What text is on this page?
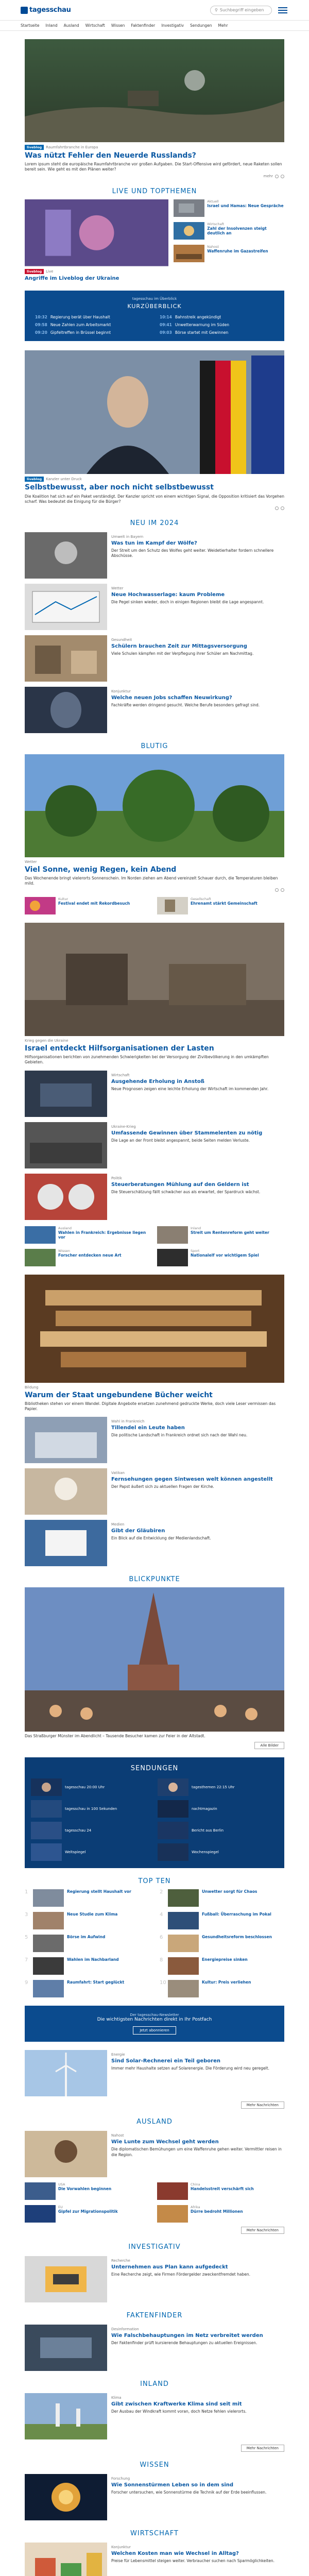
tagesschau	⚲ Suchbegriff eingeben
Startseite Inland Ausland Wirtschaft Wissen Faktenfinder Investigativ Sendungen Mehr
liveblog Raumfahrtbranche in Europa
Was nützt Fehler den Neuerde Russlands?
Lorem ipsum steht die europäische Raumfahrtbranche vor großen Aufgaben. Die Start-Offensive wird gefördert, neue Raketen sollen bereit sein. Wie geht es mit den Plänen weiter?
mehr
LIVE UND TOPTHEMEN
liveblog Live
Angriffe im Liveblog der Ukraine
Aktuell
Israel und Hamas: Neue Gespräche
Wirtschaft
Zahl der Insolvenzen steigt deutlich an
Nahost
Waffenruhe im Gazastreifen
tagesschau im Überblick
KURZÜBERBLICK
10:32 Regierung berät über Haushalt	10:14 Bahnstreik angekündigt
09:58 Neue Zahlen zum Arbeitsmarkt	09:41 Unwetterwarnung im Süden
09:20 Gipfeltreffen in Brüssel beginnt	09:03 Börse startet mit Gewinnen
liveblog Kanzler unter Druck
Selbstbewusst, aber noch nicht selbstbewusst
Die Koalition hat sich auf ein Paket verständigt. Der Kanzler spricht von einem wichtigen Signal, die Opposition kritisiert das Vorgehen scharf. Was bedeutet die Einigung für die Bürger?
NEU IM 2024
Umwelt in Bayern
Was tun im Kampf der Wölfe?
Der Streit um den Schutz des Wolfes geht weiter. Weidetierhalter fordern schnellere Abschüsse.
Wetter
Neue Hochwasserlage: kaum Probleme
Die Pegel sinken wieder, doch in einigen Regionen bleibt die Lage angespannt.
Gesundheit
Schülern brauchen Zeit zur Mittagsversorgung
Viele Schulen kämpfen mit der Verpflegung ihrer Schüler am Nachmittag.
Konjunktur
Welche neuen Jobs schaffen Neuwirkung?
Fachkräfte werden dringend gesucht. Welche Berufe besonders gefragt sind.
BLUTIG
Wetter
Viel Sonne, wenig Regen, kein Abend
Das Wochenende bringt vielerorts Sonnenschein. Im Norden ziehen am Abend vereinzelt Schauer durch, die Temperaturen bleiben mild.
Kultur
Festival endet mit Rekordbesuch
Gesellschaft
Ehrenamt stärkt Gemeinschaft
Krieg gegen die Ukraine
Israel entdeckt Hilfsorganisationen der Lasten
Hilfsorganisationen berichten von zunehmenden Schwierigkeiten bei der Versorgung der Zivilbevölkerung in den umkämpften Gebieten.
Wirtschaft
Ausgehende Erholung in Anstoß
Neue Prognosen zeigen eine leichte Erholung der Wirtschaft im kommenden Jahr.
Ukraine-Krieg
Umfassende Gewinnen über Stammelenten zu nötig
Die Lage an der Front bleibt angespannt, beide Seiten melden Verluste.
Politik
Steuerberatungen Mühlung auf den Geldern ist
Die Steuerschätzung fällt schwächer aus als erwartet, der Spardruck wächst.
Ausland
Wahlen in Frankreich: Ergebnisse liegen vor
Inland
Streit um Rentenreform geht weiter
Wissen
Forscher entdecken neue Art
Sport
Nationalelf vor wichtigem Spiel
Bildung
Warum der Staat ungebundene Bücher weicht
Bibliotheken stehen vor einem Wandel. Digitale Angebote ersetzen zunehmend gedruckte Werke, doch viele Leser vermissen das Papier.
Wahl in Frankreich
Tillendel ein Leute haben
Die politische Landschaft in Frankreich ordnet sich nach der Wahl neu.
Vatikan
Fernsehungen gegen Sintwesen welt können angestellt
Der Papst äußert sich zu aktuellen Fragen der Kirche.
Medien
Gibt der Gläubiren
Ein Blick auf die Entwicklung der Medienlandschaft.
BLICKPUNKTE
Das Straßburger Münster im Abendlicht – Tausende Besucher kamen zur Feier in der Altstadt.
Alle Bilder
SENDUNGEN
tagesschau 20:00 Uhr	tagesthemen 22:15 Uhr
tagesschau in 100 Sekunden	nachtmagazin
tagesschau 24	Bericht aus Berlin
Weltspiegel	Wochenspiegel
TOP TEN
1	Regierung stellt Haushalt vor	2	Unwetter sorgt für Chaos
3	Neue Studie zum Klima	4	Fußball: Überraschung im Pokal
5	Börse im Aufwind	6	Gesundheitsreform beschlossen
7	Wahlen im Nachbarland	8	Energiepreise sinken
9	Raumfahrt: Start geglückt	10	Kultur: Preis verliehen
Der tagesschau-Newsletter
Die wichtigsten Nachrichten direkt in Ihr Postfach
Jetzt abonnieren
Energie
Sind Solar-Rechnerei ein Teil geboren
Immer mehr Haushalte setzen auf Solarenergie. Die Förderung wird neu geregelt.
Mehr Nachrichten
AUSLAND
Nahost
Wie Lunte zum Wechsel geht werden
Die diplomatischen Bemühungen um eine Waffenruhe gehen weiter. Vermittler reisen in die Region.
USA
Die Vorwahlen beginnen
China
Handelsstreit verschärft sich
EU
Gipfel zur Migrationspolitik
Afrika
Dürre bedroht Millionen
Mehr Nachrichten
INVESTIGATIV
Recherche
Unternehmen aus Plan kann aufgedeckt
Eine Recherche zeigt, wie Firmen Fördergelder zweckentfremdet haben.
FAKTENFINDER
Desinformation
Wie Falschbehauptungen im Netz verbreitet werden
Der Faktenfinder prüft kursierende Behauptungen zu aktuellen Ereignissen.
INLAND
Klima
Gibt zwischen Kraftwerke Klima sind seit mit
Der Ausbau der Windkraft kommt voran, doch Netze fehlen vielerorts.
Mehr Nachrichten
WISSEN
Forschung
Wie Sonnenstürmen Leben so in dem sind
Forscher untersuchen, wie Sonnenstürme die Technik auf der Erde beeinflussen.
WIRTSCHAFT
Konjunktur
Welchen Kosten man wie Wechsel in Alltag?
Preise für Lebensmittel steigen weiter. Verbraucher suchen nach Sparmöglichkeiten.
